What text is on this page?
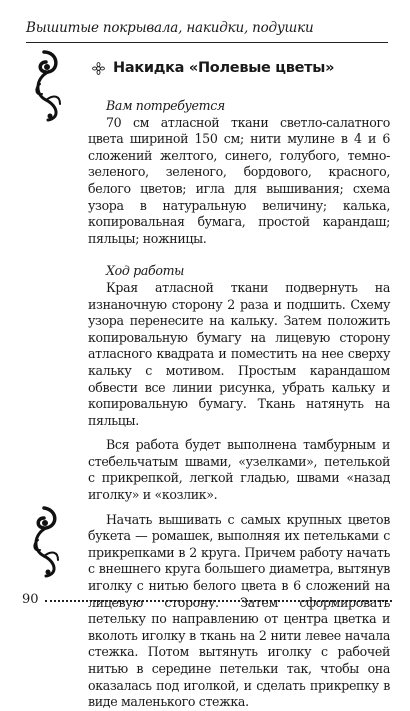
Вышитые покрывала, накидки, подушки
Накидка «Полевые цветы»

Вам потребуется

70 см атласной ткани светло-салатного цвета шириной 150 см; нити мулине в 4 и 6 сложений желтого, синего, голубого, темно-зеленого, зеленого, бордового, красного, белого цветов; игла для вышивания; схема узора в натуральную величину; калька, копировальная бумага, простой карандаш; пяльцы; ножницы.

Ход работы

Края атласной ткани подвернуть на изнаночную сторону 2 раза и подшить. Схему узора перенесите на кальку. Затем положить копировальную бумагу на лицевую сторону атласного квадрата и поместить на нее сверху кальку с мотивом. Простым карандашом обвести все линии рисунка, убрать кальку и копировальную бумагу. Ткань натянуть на пяльцы.

Вся работа будет выполнена тамбурным и стебельчатым швами, «узелками», петелькой с прикрепкой, легкой гладью, швами «назад иголку» и «козлик».

Начать вышивать с самых крупных цветов букета — ромашек, выполняя их петельками с прикрепками в 2 круга. Причем работу начать с внешнего круга большего диаметра, вытянув иголку с нитью белого цвета в 6 сложений на лицевую сторону. Затем сформировать петельку по направлению от центра цветка и вколоть иголку в ткань на 2 нити левее начала стежка. Потом вытянуть иголку с рабочей нитью в середине петельки так, чтобы она оказалась под иголкой, и сделать прикрепку в виде маленького стежка.

90
